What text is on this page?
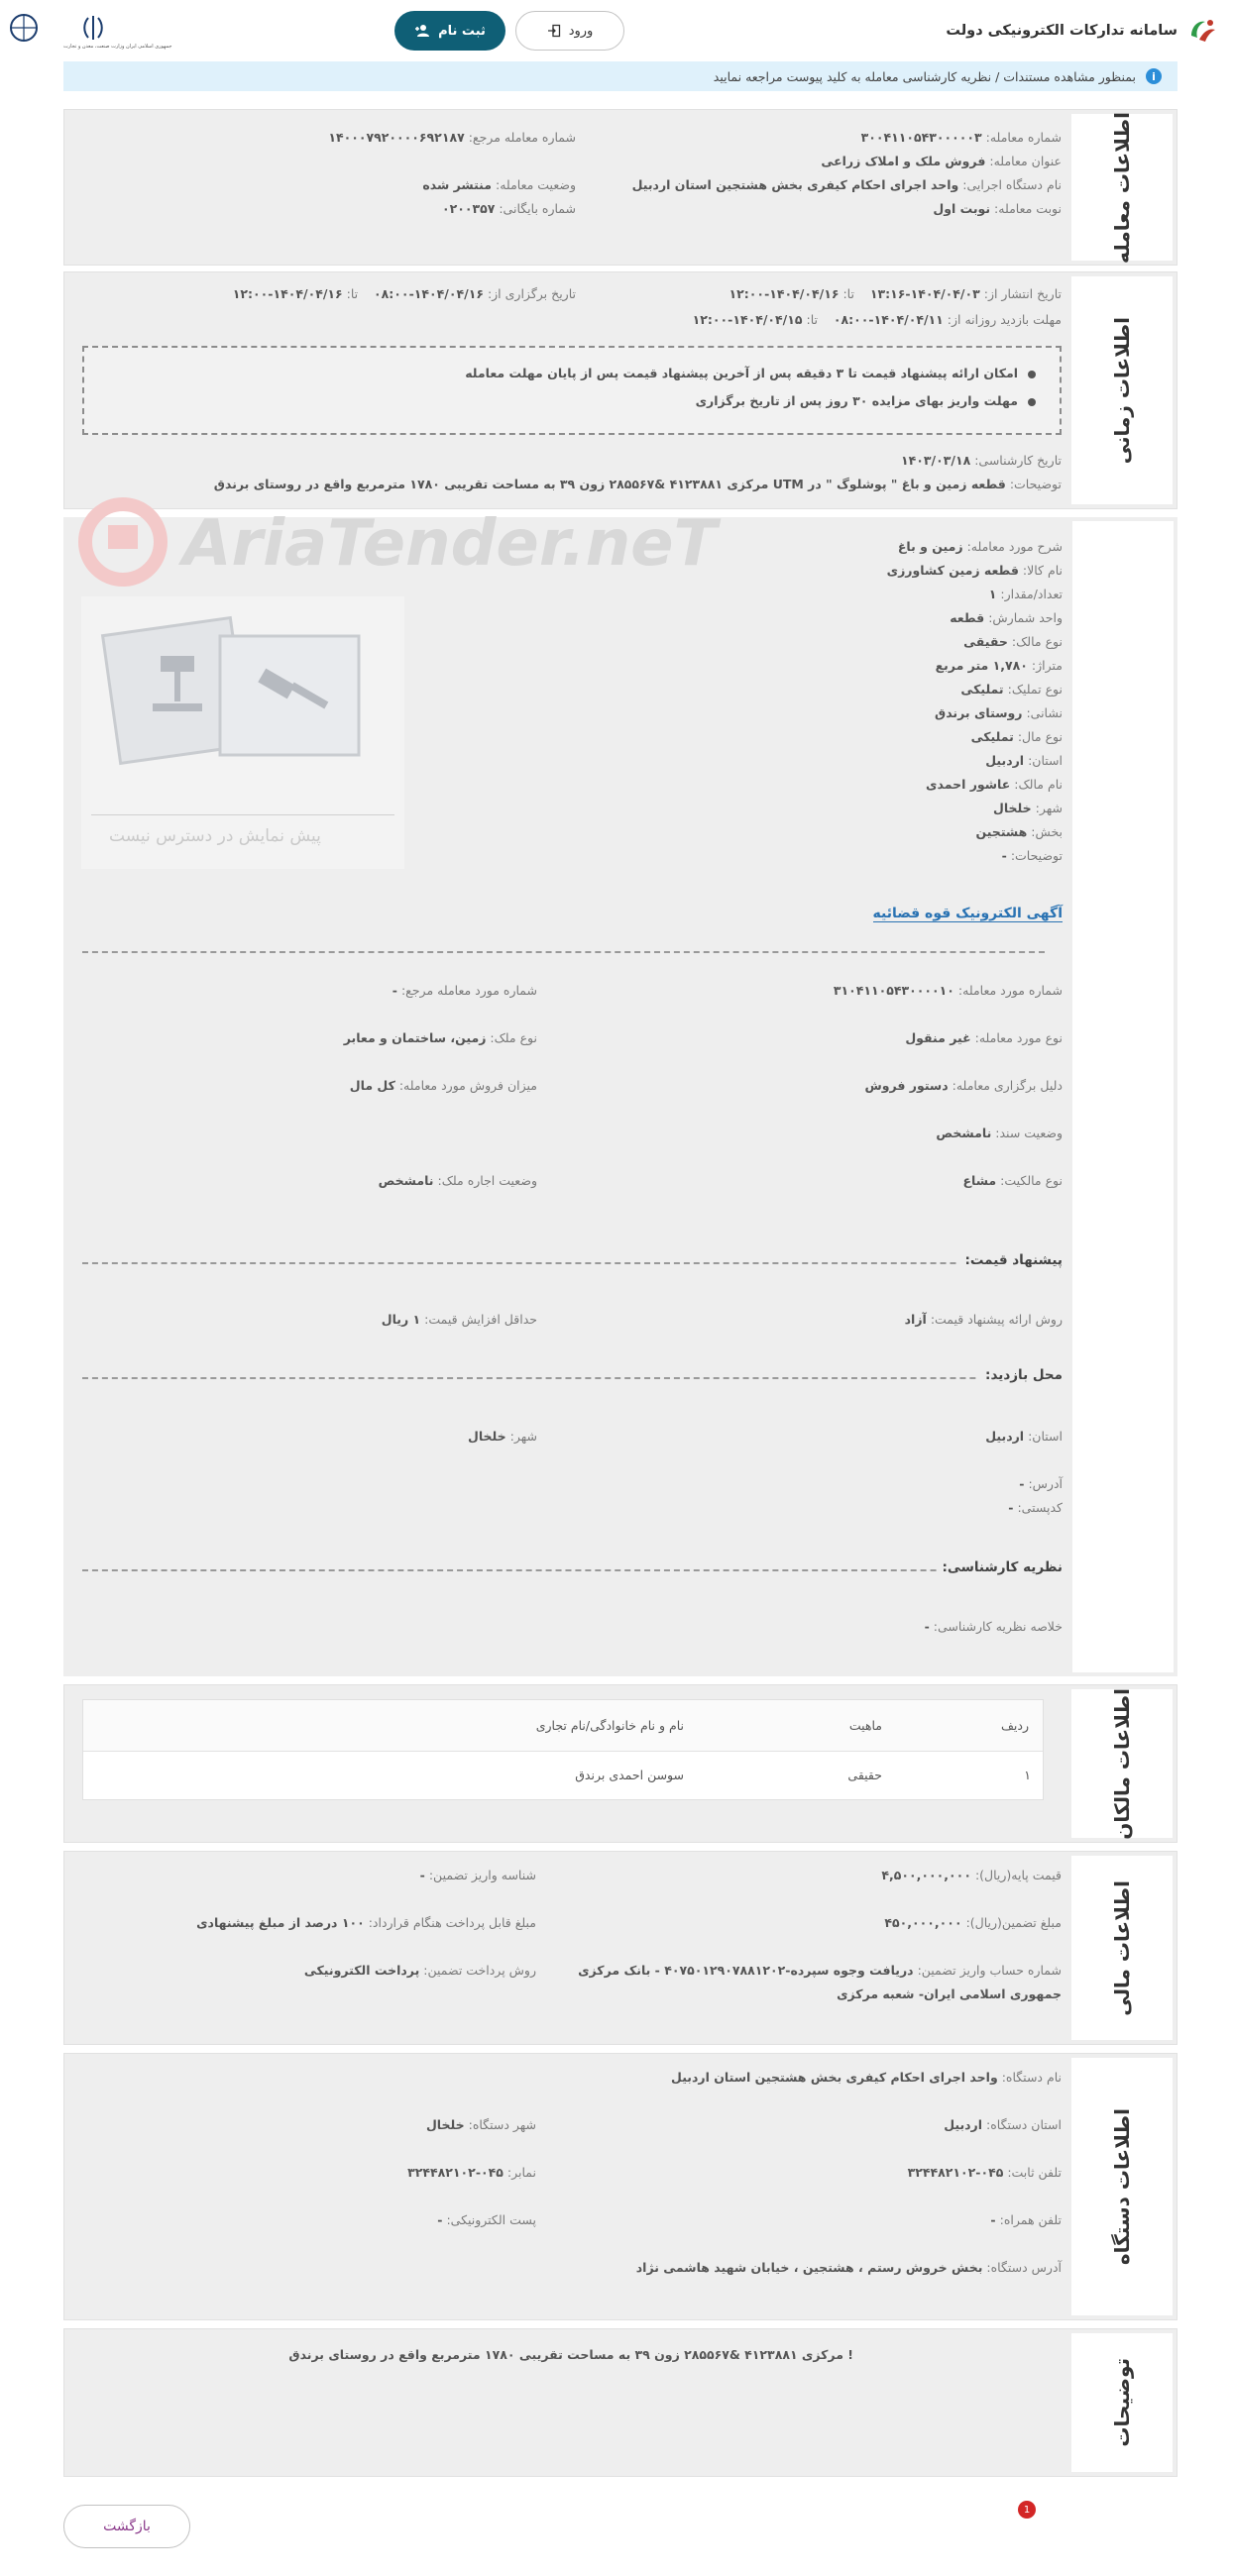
سامانه تدارکات الکترونیکی دولت
ورود
ثبت نام
جمهوری اسلامی ایران وزارت صنعت، معدن و تجارت
i
بمنظور مشاهده مستندات / نظریه کارشناسی معامله به کلید پیوست مراجعه نمایید
اطلاعات معامله
شماره معامله: ۳۰۰۴۱۱۰۵۴۳۰۰۰۰۰۳
شماره معامله مرجع: ۱۴۰۰۰۷۹۲۰۰۰۰۶۹۲۱۸۷
عنوان معامله: فروش ملک و املاک زراعی
نام دستگاه اجرایی: واحد اجرای احکام کیفری بخش هشتجین استان اردبیل
وضعیت معامله: منتشر شده
نوبت معامله: نوبت اول
شماره بایگانی: ۰۲۰۰۳۵۷
اطلاعات زمانی
تاریخ انتشار از: ۱۴۰۴/۰۴/۰۳-۱۳:۱۶    تا: ۱۴۰۴/۰۴/۱۶-۱۲:۰۰
تاریخ برگزاری از: ۱۴۰۴/۰۴/۱۶-۰۸:۰۰    تا: ۱۴۰۴/۰۴/۱۶-۱۲:۰۰
مهلت بازدید روزانه از: ۱۴۰۴/۰۴/۱۱-۰۸:۰۰    تا: ۱۴۰۴/۰۴/۱۵-۱۲:۰۰
امکان ارائه پیشنهاد قیمت تا ۳ دقیقه پس از آخرین پیشنهاد قیمت پس از پایان مهلت معامله
مهلت واریز بهای مزایده ۳۰ روز پس از تاریخ برگزاری
تاریخ کارشناسی: ۱۴۰۳/۰۳/۱۸
توضیحات: قطعه زمین و باغ " پوشلوگ " در UTM مرکزی ۴۱۲۳۸۸۱ &۲۸۵۵۶۷ زون ۳۹ به مساحت تقریبی ۱۷۸۰ مترمربع واقع در روستای برندق
AriaTender.neT
پیش نمایش در دسترس نیست
شرح مورد معامله: زمین و باغ
نام کالا: قطعه زمین کشاورزی
تعداد/مقدار: ۱
واحد شمارش: قطعه
نوع مالک: حقیقی
متراژ: ۱,۷۸۰ متر مربع
نوع تملیک: تملیکی
نشانی: روستای برندق
نوع مال: تملیکی
استان: اردبیل
نام مالک: عاشور احمدی
شهر: خلخال
بخش: هشتجین
توضیحات: -
آگهی الکترونیک قوه قضائیه
شماره مورد معامله: ۳۱۰۴۱۱۰۵۴۳۰۰۰۰۱۰
شماره مورد معامله مرجع: -
نوع مورد معامله: غیر منقول
نوع ملک: زمین، ساختمان و معابر
دلیل برگزاری معامله: دستور فروش
میزان فروش مورد معامله: کل مال
وضعیت سند: نامشخص
نوع مالکیت: مشاع
وضعیت اجاره ملک: نامشخص
پیشنهاد قیمت:
روش ارائه پیشنهاد قیمت: آزاد
حداقل افزایش قیمت: ۱ ریال
محل بازدید:
استان: اردبیل
شهر: خلخال
آدرس: -
کدپستی: -
نظریه کارشناسی:
خلاصه نظریه کارشناسی: -
اطلاعات مالکان
ردیف
ماهیت
نام و نام خانوادگی/نام تجاری
۱
حقیقی
سوسن احمدی برندق
اطلاعات مالی
قیمت پایه(ریال): ۴,۵۰۰,۰۰۰,۰۰۰
شناسه واریز تضمین: -
مبلغ تضمین(ریال): ۴۵۰,۰۰۰,۰۰۰
مبلغ قابل پرداخت هنگام قرارداد: ۱۰۰ درصد از مبلغ پیشنهادی
شماره حساب واریز تضمین: دریافت وجوه سپرده-۴۰۷۵۰۱۲۹۰۷۸۸۱۲۰۲ - بانک مرکزی
جمهوری اسلامی ایران- شعبه مرکزی
روش پرداخت تضمین: پرداخت الکترونیکی
اطلاعات دستگاه
نام دستگاه: واحد اجرای احکام کیفری بخش هشتجین استان اردبیل
استان دستگاه: اردبیل
شهر دستگاه: خلخال
تلفن ثابت: ۰۴۵-۳۲۴۴۸۲۱۰۲
نمابر: ۰۴۵-۳۲۴۴۸۲۱۰۲
تلفن همراه: -
پست الکترونیکی: -
آدرس دستگاه: بخش خروش رستم ، هشتجین ، خیابان شهید هاشمی نژاد
توضیحات
! مرکزی ۴۱۲۳۸۸۱ &۲۸۵۵۶۷ زون ۳۹ به مساحت تقریبی ۱۷۸۰ مترمربع واقع در روستای برندق
1
بازگشت
